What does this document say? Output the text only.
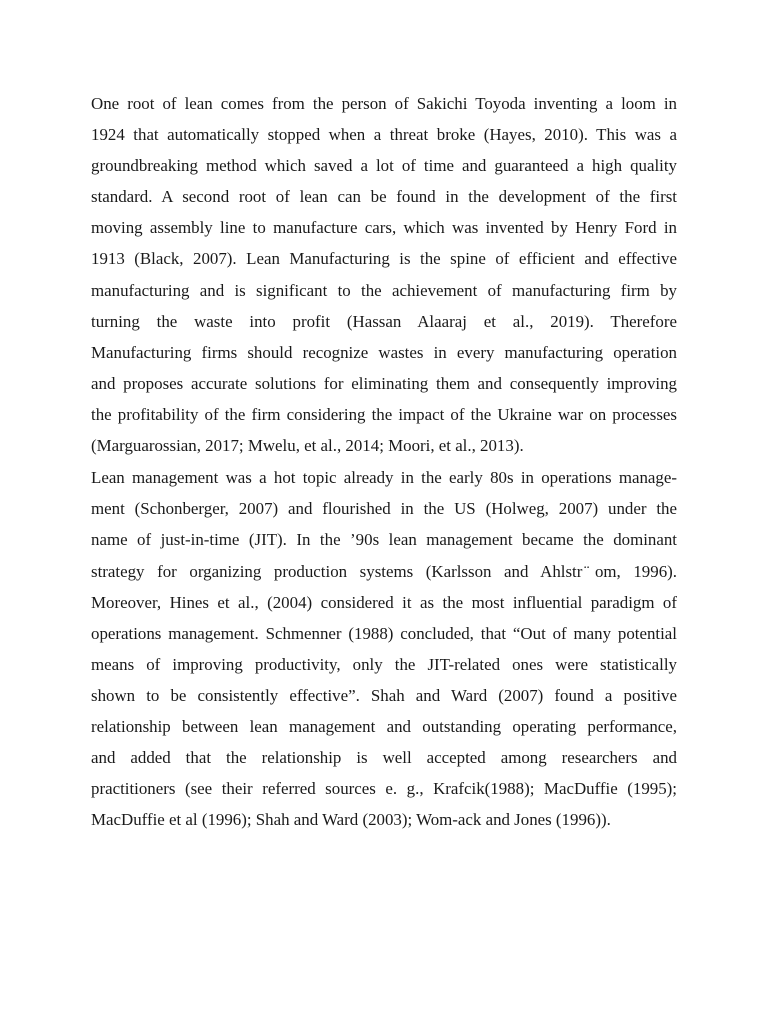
One root of lean comes from the person of Sakichi Toyoda inventing a loom in
1924 that automatically stopped when a threat broke (Hayes, 2010). This was a
groundbreaking method which saved a lot of time and guaranteed a high quality
standard. A second root of lean can be found in the development of the first
moving assembly line to manufacture cars, which was invented by Henry Ford in
1913 (Black, 2007). Lean Manufacturing is the spine of efficient and effective
manufacturing and is significant to the achievement of manufacturing firm by
turning the waste into profit (Hassan Alaaraj et al., 2019). Therefore
Manufacturing firms should recognize wastes in every manufacturing operation
and proposes accurate solutions for eliminating them and consequently improving
the profitability of the firm considering the impact of the Ukraine war on processes
(Marguarossian, 2017; Mwelu, et al., 2014; Moori, et al., 2013).
Lean management was a hot topic already in the early 80s in operations manage-
ment (Schonberger, 2007) and flourished in the US (Holweg, 2007) under the
name of just-in-time (JIT). In the ’90s lean management became the dominant
strategy for organizing production systems (Karlsson and Ahlstr ̈om, 1996).
Moreover, Hines et al., (2004) considered it as the most influential paradigm of
operations management. Schmenner (1988) concluded, that “Out of many potential
means of improving productivity, only the JIT-related ones were statistically
shown to be consistently effective”. Shah and Ward (2007) found a positive
relationship between lean management and outstanding operating performance,
and added that the relationship is well accepted among researchers and
practitioners (see their referred sources e. g., Krafcik(1988); MacDuffie (1995);
MacDuffie et al (1996); Shah and Ward (2003); Wom-ack and Jones (1996)).
